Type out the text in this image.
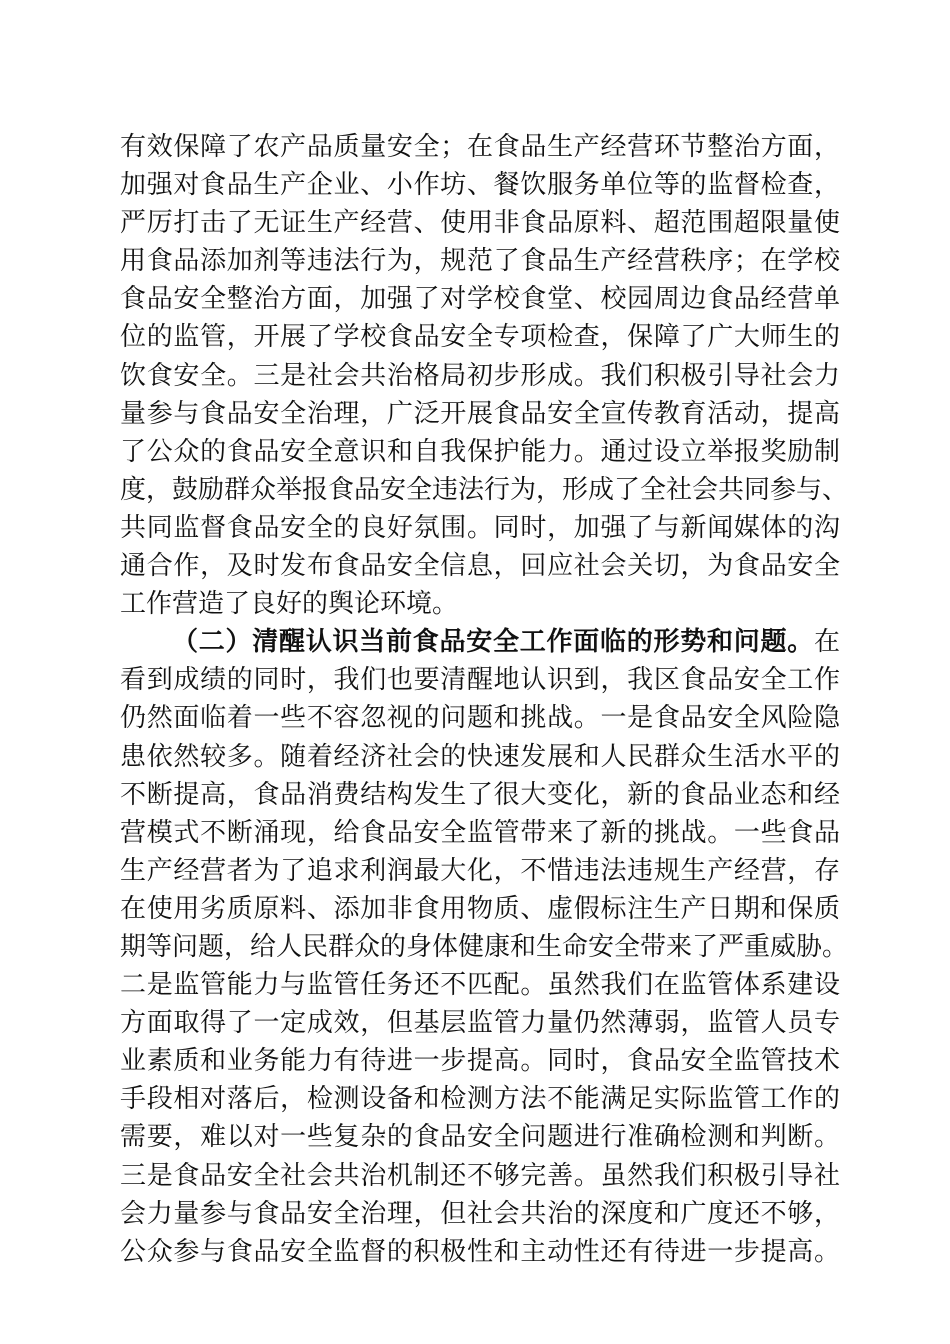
有效保障了农产品质量安全；在食品生产经营环节整治方面，
加强对食品生产企业、小作坊、餐饮服务单位等的监督检查，
严厉打击了无证生产经营、使用非食品原料、超范围超限量使
用食品添加剂等违法行为，规范了食品生产经营秩序；在学校
食品安全整治方面，加强了对学校食堂、校园周边食品经营单
位的监管，开展了学校食品安全专项检查，保障了广大师生的
饮食安全。三是社会共治格局初步形成。我们积极引导社会力
量参与食品安全治理，广泛开展食品安全宣传教育活动，提高
了公众的食品安全意识和自我保护能力。通过设立举报奖励制
度，鼓励群众举报食品安全违法行为，形成了全社会共同参与、
共同监督食品安全的良好氛围。同时，加强了与新闻媒体的沟
通合作，及时发布食品安全信息，回应社会关切，为食品安全
工作营造了良好的舆论环境。
（二）清醒认识当前食品安全工作面临的形势和问题。在
看到成绩的同时，我们也要清醒地认识到，我区食品安全工作
仍然面临着一些不容忽视的问题和挑战。一是食品安全风险隐
患依然较多。随着经济社会的快速发展和人民群众生活水平的
不断提高，食品消费结构发生了很大变化，新的食品业态和经
营模式不断涌现，给食品安全监管带来了新的挑战。一些食品
生产经营者为了追求利润最大化，不惜违法违规生产经营，存
在使用劣质原料、添加非食用物质、虚假标注生产日期和保质
期等问题，给人民群众的身体健康和生命安全带来了严重威胁。
二是监管能力与监管任务还不匹配。虽然我们在监管体系建设
方面取得了一定成效，但基层监管力量仍然薄弱，监管人员专
业素质和业务能力有待进一步提高。同时，食品安全监管技术
手段相对落后，检测设备和检测方法不能满足实际监管工作的
需要，难以对一些复杂的食品安全问题进行准确检测和判断。
三是食品安全社会共治机制还不够完善。虽然我们积极引导社
会力量参与食品安全治理，但社会共治的深度和广度还不够，
公众参与食品安全监督的积极性和主动性还有待进一步提高。
